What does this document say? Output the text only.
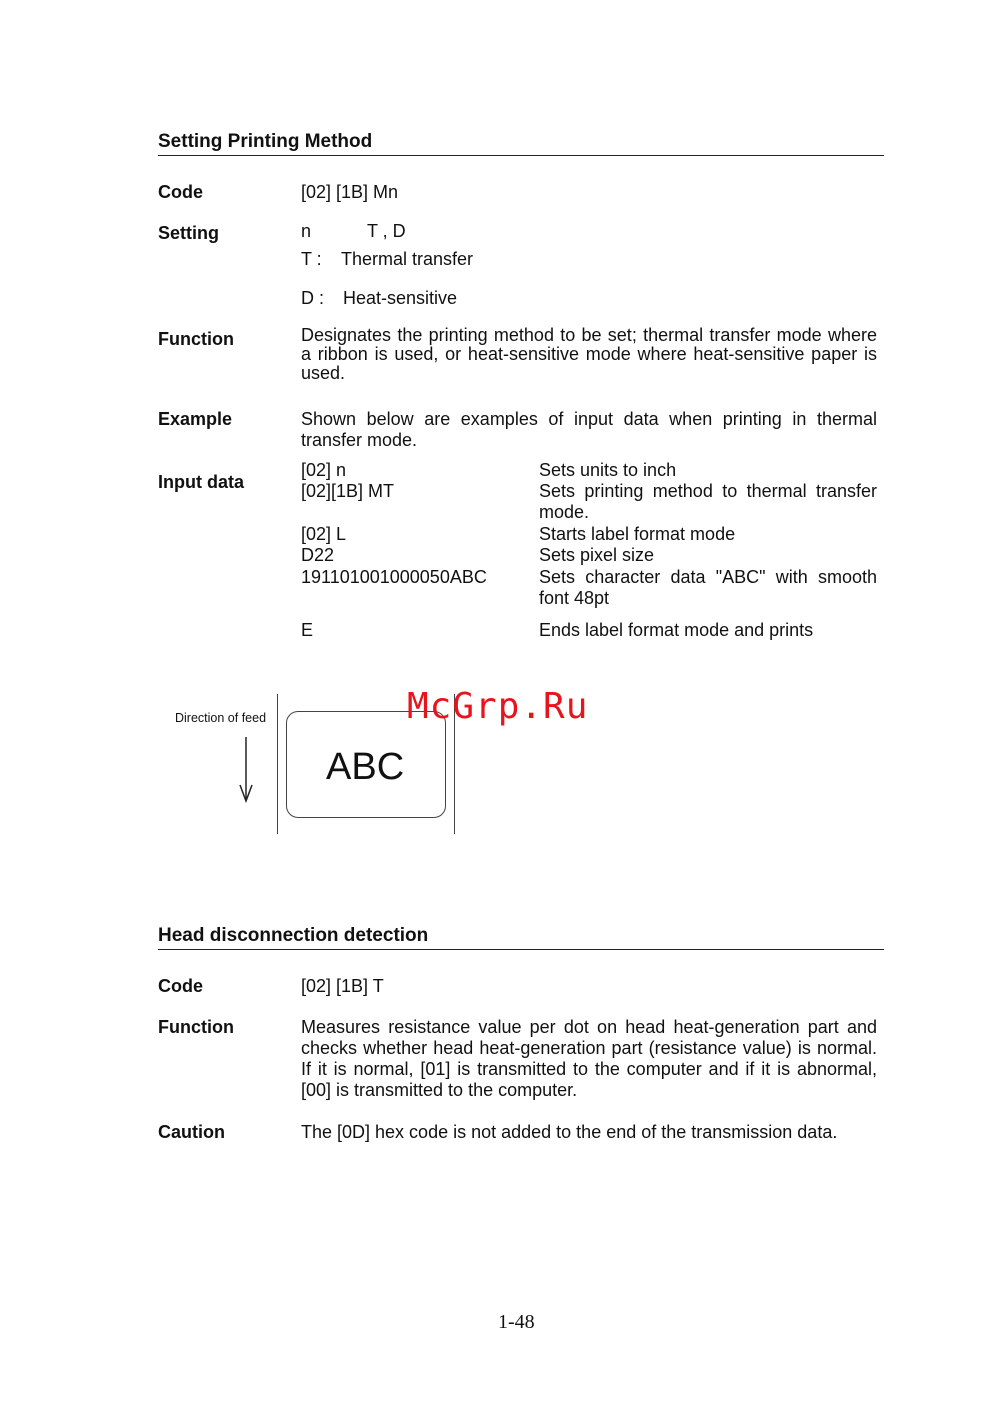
Setting Printing Method
Code	[02] [1B] Mn
Setting	n	T , D
T : Thermal transfer
D : Heat-sensitive
Function	Designates the printing method to be set; thermal transfer mode where a ribbon is used, or heat-sensitive mode where heat-sensitive paper is used.
Example	Shown below are examples of input data when printing in thermal transfer mode.
Input data
[02] n	Sets units to inch
[02][1B] MT	Sets printing method to thermal transfer mode.
[02] L	Starts label format mode
D22	Sets pixel size
191101001000050ABC	Sets character data "ABC" with smooth font 48pt
E	Ends label format mode and prints
Direction of feed
ABC
McGrp.Ru
Head disconnection detection
Code	[02] [1B] T
Function	Measures resistance value per dot on head heat-generation part and checks whether head heat-generation part (resistance value) is normal. If it is normal, [01] is transmitted to the computer and if it is abnormal, [00] is transmitted to the computer.
Caution	The [0D] hex code is not added to the end of the transmission data.
1-48
